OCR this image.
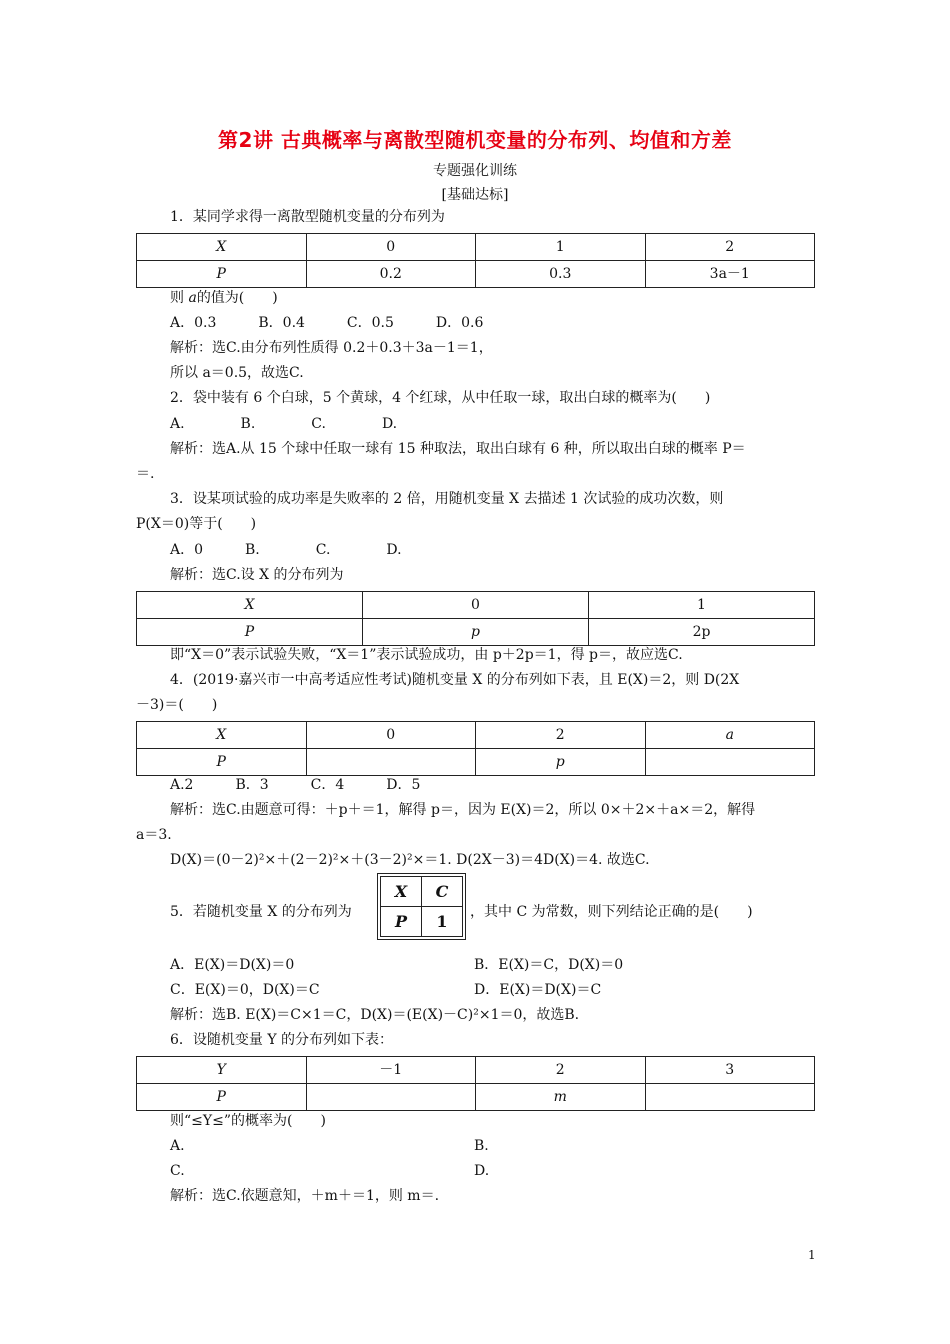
第2讲 古典概率与离散型随机变量的分布列、均值和方差
专题强化训练
[基础达标]
1．某同学求得一离散型随机变量的分布列为
X	0	1	2
P	0.2	0.3	3a－1
则 a的值为(　　)
A．0.3　　　B．0.4　　　C．0.5　　　D．0.6
解析：选C.由分布列性质得 0.2＋0.3＋3a－1＝1，
所以 a＝0.5，故选C.
2．袋中装有 6 个白球，5 个黄球，4 个红球，从中任取一球，取出白球的概率为(　　)
A.　　　　B.　　　　C.　　　　D.
解析：选A.从 15 个球中任取一球有 15 种取法，取出白球有 6 种，所以取出白球的概率 P＝
＝.
3．设某项试验的成功率是失败率的 2 倍，用随机变量 X 去描述 1 次试验的成功次数，则
P(X＝0)等于(　　)
A．0　　　B.　　　　C.　　　　D.
解析：选C.设 X 的分布列为
X	0	1
P	p	2p
即“X＝0”表示试验失败，“X＝1”表示试验成功，由 p＋2p＝1，得 p＝，故应选C.
4．(2019·嘉兴市一中高考适应性考试)随机变量 X 的分布列如下表，且 E(X)＝2，则 D(2X
－3)＝(　　)
X	0	2	a
P		p	
A.2　　　B．3　　　C．4　　　D．5
解析：选C.由题意可得：＋p＋＝1，解得 p＝，因为 E(X)＝2，所以 0×＋2×＋a×＝2，解得
a＝3.
D(X)＝(0－2)²×＋(2－2)²×＋(3－2)²×＝1. D(2X－3)＝4D(X)＝4. 故选C.
5．若随机变量 X 的分布列为
X	C
P	1 ，其中 C 为常数，则下列结论正确的是(　　)
A．E(X)＝D(X)＝0	B．E(X)＝C，D(X)＝0
C．E(X)＝0，D(X)＝C	D．E(X)＝D(X)＝C
解析：选B. E(X)＝C×1＝C，D(X)＝(E(X)－C)²×1＝0，故选B.
6．设随机变量 Y 的分布列如下表：
Y	－1	2	3
P		m	
则“≤Y≤”的概率为(　　)
A.	B.
C.	D.
解析：选C.依题意知，＋m＋＝1，则 m＝.
1
